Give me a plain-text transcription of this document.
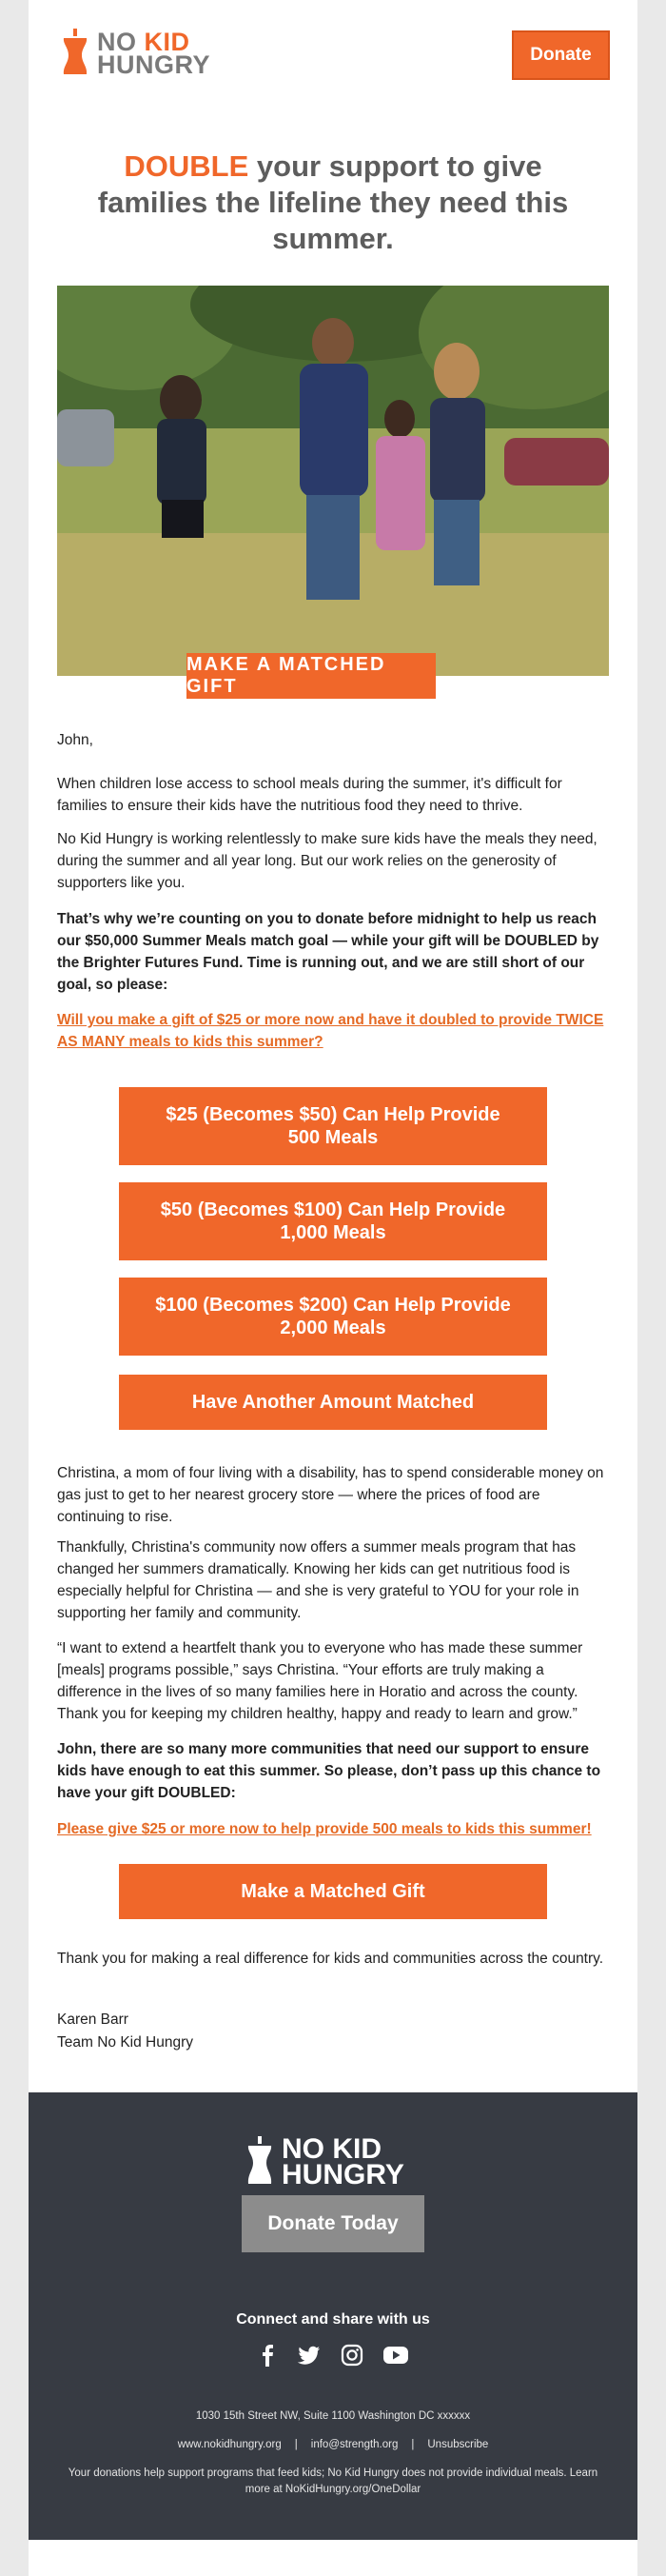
NO KID
HUNGRY	Donate
DOUBLE your support to give families the lifeline they need this summer.
MAKE A MATCHED GIFT
John,
When children lose access to school meals during the summer, it's difficult for families to ensure their kids have the nutritious food they need to thrive.
No Kid Hungry is working relentlessly to make sure kids have the meals they need, during the summer and all year long. But our work relies on the generosity of supporters like you.
That’s why we’re counting on you to donate before midnight to help us reach our $50,000 Summer Meals match goal — while your gift will be DOUBLED by the Brighter Futures Fund. Time is running out, and we are still short of our goal, so please:
Will you make a gift of $25 or more now and have it doubled to provide TWICE AS MANY meals to kids this summer?
$25 (Becomes $50) Can Help Provide 500 Meals
$50 (Becomes $100) Can Help Provide 1,000 Meals
$100 (Becomes $200) Can Help Provide 2,000 Meals
Have Another Amount Matched
Christina, a mom of four living with a disability, has to spend considerable money on gas just to get to her nearest grocery store — where the prices of food are continuing to rise.
Thankfully, Christina's community now offers a summer meals program that has changed her summers dramatically. Knowing her kids can get nutritious food is especially helpful for Christina — and she is very grateful to YOU for your role in supporting her family and community.
“I want to extend a heartfelt thank you to everyone who has made these summer [meals] programs possible,” says Christina. “Your efforts are truly making a difference in the lives of so many families here in Horatio and across the county. Thank you for keeping my children healthy, happy and ready to learn and grow.”
John, there are so many more communities that need our support to ensure kids have enough to eat this summer. So please, don’t pass up this chance to have your gift DOUBLED:
Please give $25 or more now to help provide 500 meals to kids this summer!
Make a Matched Gift
Thank you for making a real difference for kids and communities across the country.
Karen Barr
Team No Kid Hungry
NO KID
HUNGRY
Donate Today
Connect and share with us
1030 15th Street NW, Suite 1100 Washington DC xxxxxx
www.nokidhungry.org | info@strength.org | Unsubscribe
Your donations help support programs that feed kids; No Kid Hungry does not provide individual meals. Learn more at NoKidHungry.org/OneDollar
